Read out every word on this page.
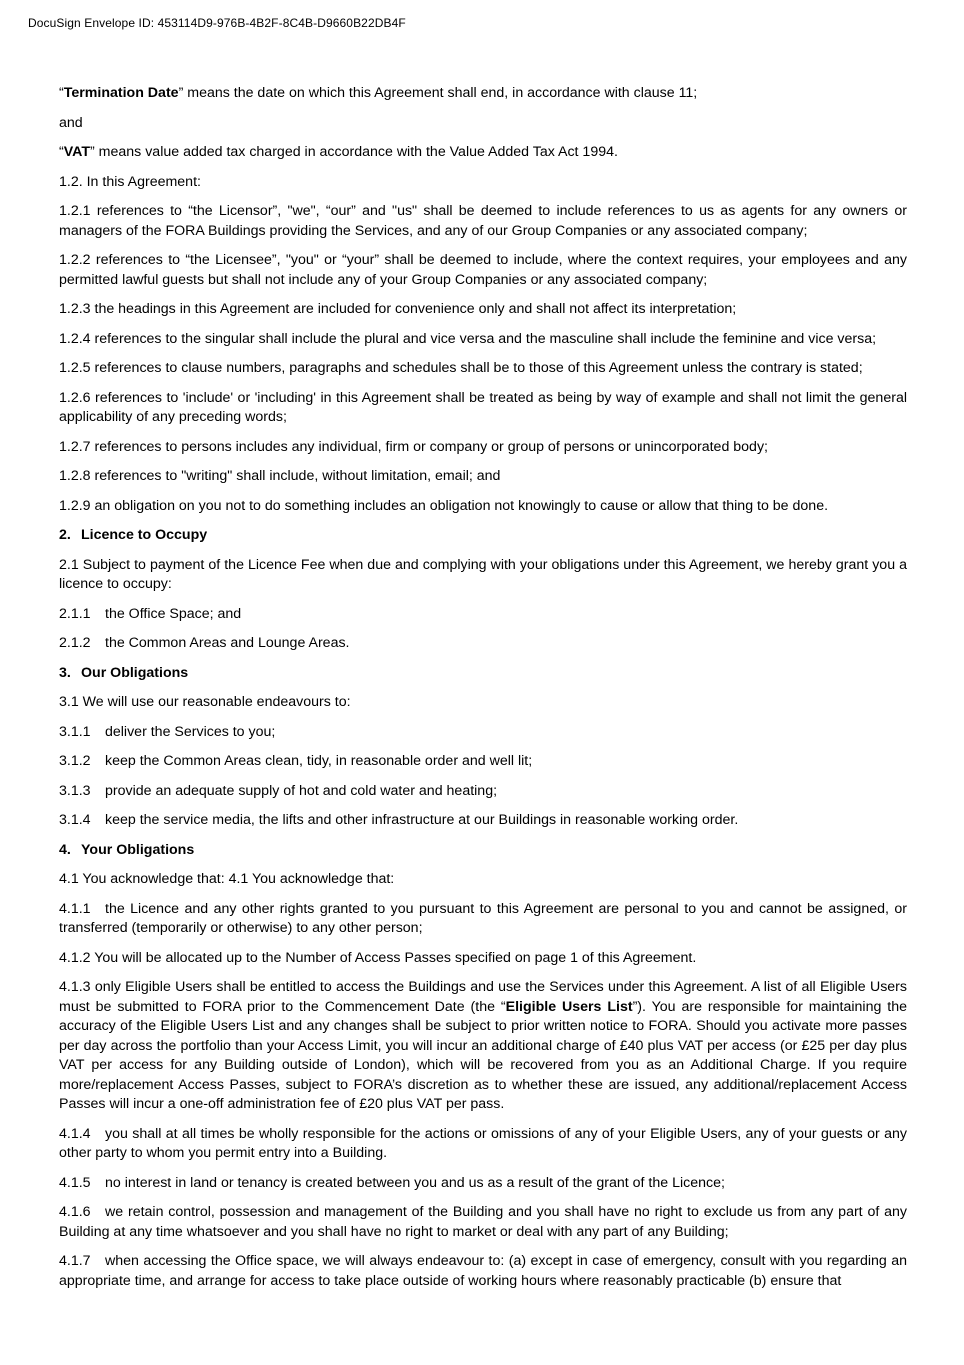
DocuSign Envelope ID: 453114D9-976B-4B2F-8C4B-D9660B22DB4F

“Termination Date” means the date on which this Agreement shall end, in accordance with clause 11;

and

“VAT” means value added tax charged in accordance with the Value Added Tax Act 1994.

1.2. In this Agreement:

1.2.1 references to “the Licensor”, "we", “our” and "us" shall be deemed to include references to us as agents for any owners or managers of the FORA Buildings providing the Services, and any of our Group Companies or any associated company;

1.2.2 references to “the Licensee”, "you" or “your” shall be deemed to include, where the context requires, your employees and any permitted lawful guests but shall not include any of your Group Companies or any associated company;

1.2.3 the headings in this Agreement are included for convenience only and shall not affect its interpretation;

1.2.4 references to the singular shall include the plural and vice versa and the masculine shall include the feminine and vice versa;

1.2.5 references to clause numbers, paragraphs and schedules shall be to those of this Agreement unless the contrary is stated;

1.2.6 references to 'include' or 'including' in this Agreement shall be treated as being by way of example and shall not limit the general applicability of any preceding words;

1.2.7 references to persons includes any individual, firm or company or group of persons or unincorporated body;

1.2.8 references to "writing" shall include, without limitation, email; and

1.2.9 an obligation on you not to do something includes an obligation not knowingly to cause or allow that thing to be done.

2. Licence to Occupy

2.1 Subject to payment of the Licence Fee when due and complying with your obligations under this Agreement, we hereby grant you a licence to occupy:

2.1.1 the Office Space; and

2.1.2 the Common Areas and Lounge Areas.

3. Our Obligations

3.1 We will use our reasonable endeavours to:

3.1.1 deliver the Services to you;

3.1.2 keep the Common Areas clean, tidy, in reasonable order and well lit;

3.1.3 provide an adequate supply of hot and cold water and heating;

3.1.4 keep the service media, the lifts and other infrastructure at our Buildings in reasonable working order.

4. Your Obligations

4.1 You acknowledge that: 4.1 You acknowledge that:

4.1.1 the Licence and any other rights granted to you pursuant to this Agreement are personal to you and cannot be assigned, or transferred (temporarily or otherwise) to any other person;

4.1.2 You will be allocated up to the Number of Access Passes specified on page 1 of this Agreement.

4.1.3 only Eligible Users shall be entitled to access the Buildings and use the Services under this Agreement. A list of all Eligible Users must be submitted to FORA prior to the Commencement Date (the “Eligible Users List”). You are responsible for maintaining the accuracy of the Eligible Users List and any changes shall be subject to prior written notice to FORA. Should you activate more passes per day across the portfolio than your Access Limit, you will incur an additional charge of £40 plus VAT per access (or £25 per day plus VAT per access for any Building outside of London), which will be recovered from you as an Additional Charge. If you require more/replacement Access Passes, subject to FORA’s discretion as to whether these are issued, any additional/replacement Access Passes will incur a one-off administration fee of £20 plus VAT per pass.

4.1.4 you shall at all times be wholly responsible for the actions or omissions of any of your Eligible Users, any of your guests or any other party to whom you permit entry into a Building.

4.1.5 no interest in land or tenancy is created between you and us as a result of the grant of the Licence;

4.1.6 we retain control, possession and management of the Building and you shall have no right to exclude us from any part of any Building at any time whatsoever and you shall have no right to market or deal with any part of any Building;

4.1.7 when accessing the Office space, we will always endeavour to: (a) except in case of emergency, consult with you regarding an appropriate time, and arrange for access to take place outside of working hours where reasonably practicable (b) ensure that
